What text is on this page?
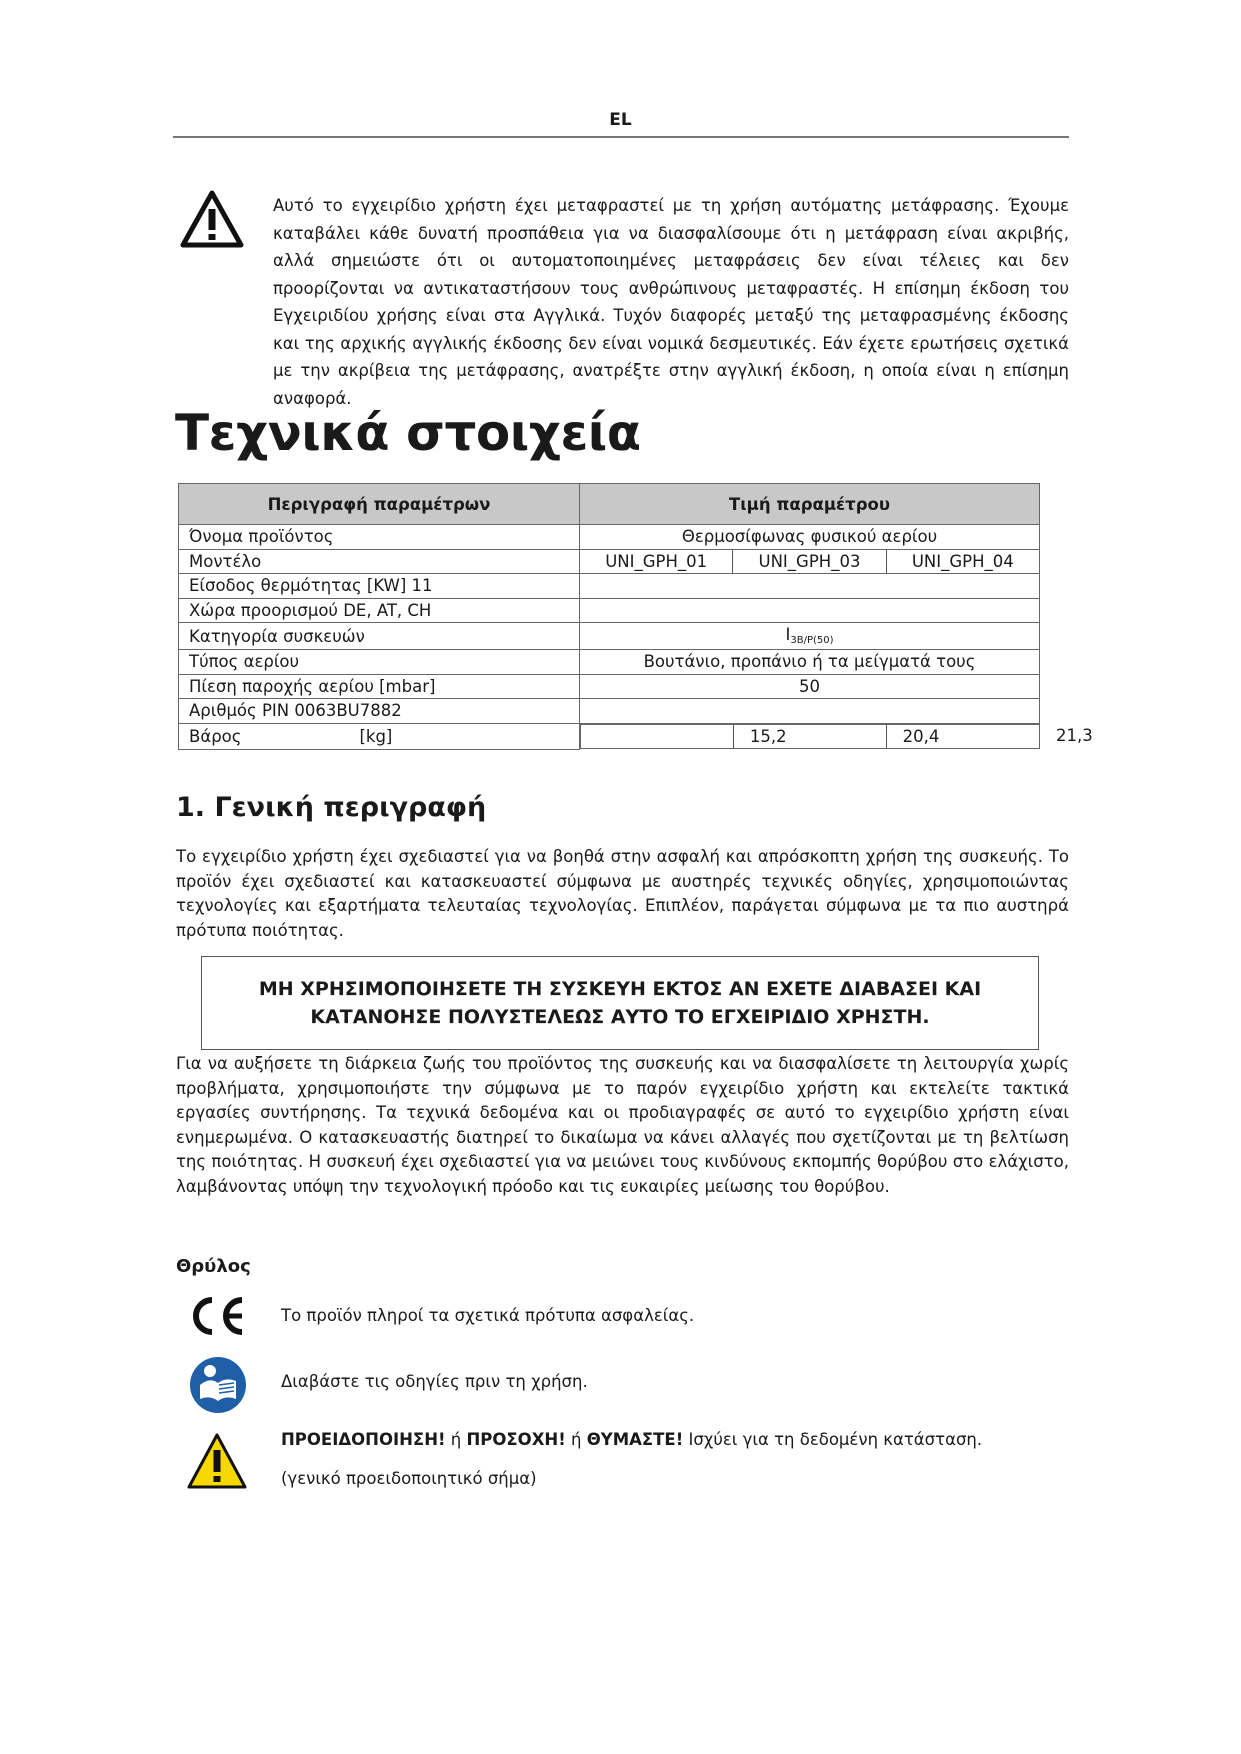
EL

Αυτό το εγχειρίδιο χρήστη έχει μεταφραστεί με τη χρήση αυτόματης μετάφρασης. Έχουμε καταβάλει κάθε δυνατή προσπάθεια για να διασφαλίσουμε ότι η μετάφραση είναι ακριβής, αλλά σημειώστε ότι οι αυτοματοποιημένες μεταφράσεις δεν είναι τέλειες και δεν προορίζονται να αντικαταστήσουν τους ανθρώπινους μεταφραστές. Η επίσημη έκδοση του Εγχειριδίου χρήσης είναι στα Αγγλικά. Τυχόν διαφορές μεταξύ της μεταφρασμένης έκδοσης και της αρχικής αγγλικής έκδοσης δεν είναι νομικά δεσμευτικές. Εάν έχετε ερωτήσεις σχετικά με την ακρίβεια της μετάφρασης, ανατρέξτε στην αγγλική έκδοση, η οποία είναι η επίσημη αναφορά.

Τεχνικά στοιχεία
Περιγραφή παραμέτρων	Τιμή παραμέτρου
Όνομα προϊόντος	Θερμοσίφωνας φυσικού αερίου
Μοντέλο	UNI_GPH_01 UNI_GPH_03 UNI_GPH_04

Είσοδος θερμότητας [KW] 11	
Χώρα προορισμού DE, AT, CH	
Κατηγορία συσκευών	I3B/P(50)
Τύπος αερίου	Βουτάνιο, προπάνιο ή τα μείγματά τους
Πίεση παροχής αερίου [mbar]	50
Αριθμός PIN 0063BU7882	
Βάρος [kg]		15,2	20,4	21,3
1. Γενική περιγραφή

Το εγχειρίδιο χρήστη έχει σχεδιαστεί για να βοηθά στην ασφαλή και απρόσκοπτη χρήση της συσκευής. Το προϊόν έχει σχεδιαστεί και κατασκευαστεί σύμφωνα με αυστηρές τεχνικές οδηγίες, χρησιμοποιώντας τεχνολογίες και εξαρτήματα τελευταίας τεχνολογίας. Επιπλέον, παράγεται σύμφωνα με τα πιο αυστηρά πρότυπα ποιότητας.

ΜΗ ΧΡΗΣΙΜΟΠΟΙΗΣΕΤΕ ΤΗ ΣΥΣΚΕΥΗ ΕΚΤΟΣ ΑΝ ΕΧΕΤΕ ΔΙΑΒΑΣΕΙ ΚΑΙ ΚΑΤΑΝΟΗΣΕ ΠΟΛΥΣΤΕΛΕΩΣ ΑΥΤΟ ΤΟ ΕΓΧΕΙΡΙΔΙΟ ΧΡΗΣΤΗ.

Για να αυξήσετε τη διάρκεια ζωής του προϊόντος της συσκευής και να διασφαλίσετε τη λειτουργία χωρίς προβλήματα, χρησιμοποιήστε την σύμφωνα με το παρόν εγχειρίδιο χρήστη και εκτελείτε τακτικά εργασίες συντήρησης. Τα τεχνικά δεδομένα και οι προδιαγραφές σε αυτό το εγχειρίδιο χρήστη είναι ενημερωμένα. Ο κατασκευαστής διατηρεί το δικαίωμα να κάνει αλλαγές που σχετίζονται με τη βελτίωση της ποιότητας. Η συσκευή έχει σχεδιαστεί για να μειώνει τους κινδύνους εκπομπής θορύβου στο ελάχιστο, λαμβάνοντας υπόψη την τεχνολογική πρόοδο και τις ευκαιρίες μείωσης του θορύβου.

Θρύλος
Το προϊόν πληροί τα σχετικά πρότυπα ασφαλείας.
Διαβάστε τις οδηγίες πριν τη χρήση.
ΠΡΟΕΙΔΟΠΟΙΗΣΗ! ή ΠΡΟΣΟΧΗ! ή ΘΥΜΑΣΤΕ! Ισχύει για τη δεδομένη κατάσταση.
(γενικό προειδοποιητικό σήμα)
